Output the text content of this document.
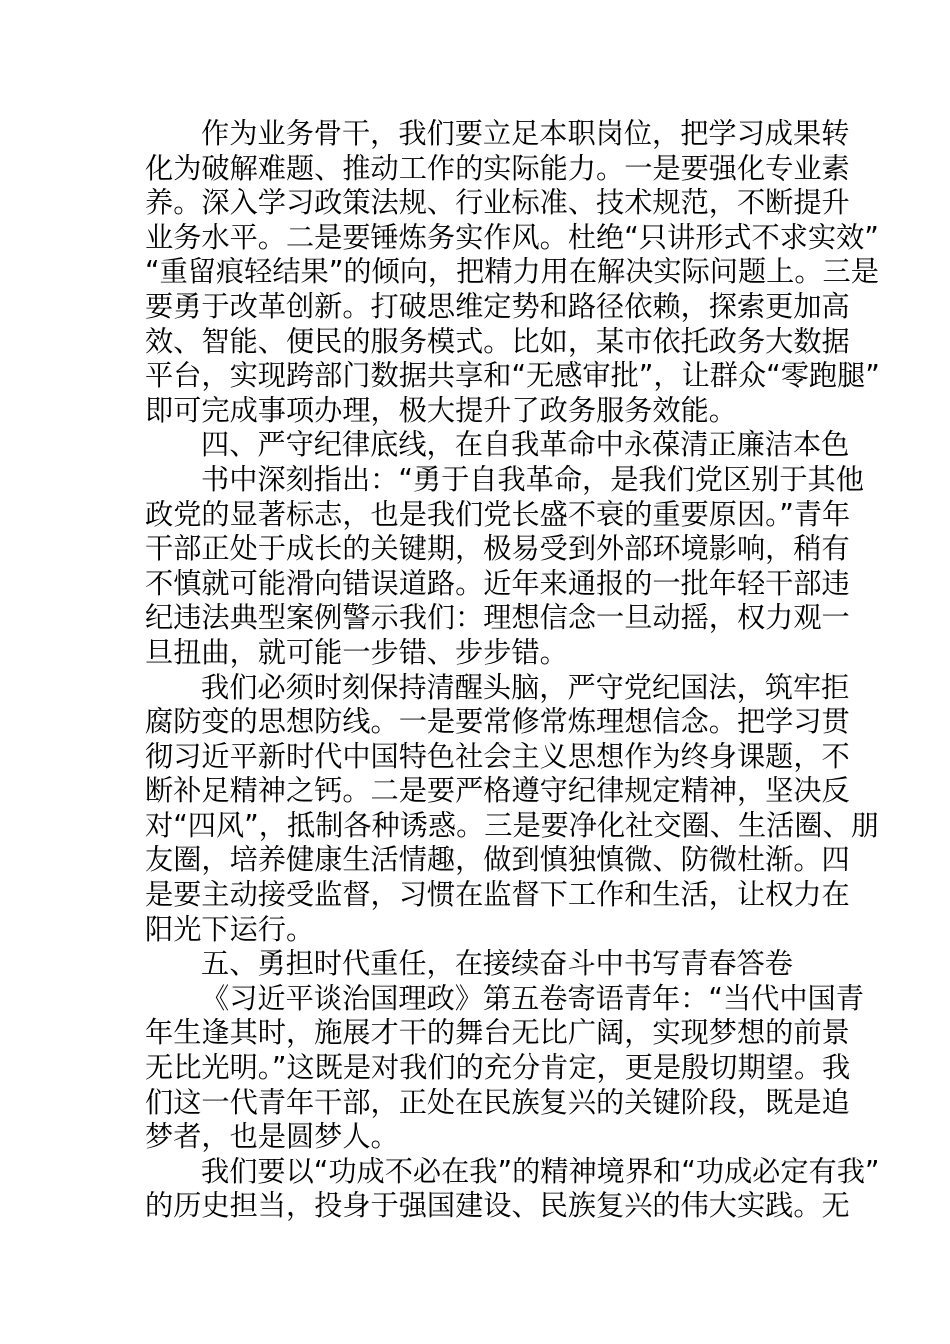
作为业务骨干，我们要立足本职岗位，把学习成果转
化为破解难题、推动工作的实际能力。一是要强化专业素
养。深入学习政策法规、行业标准、技术规范，不断提升
业务水平。二是要锤炼务实作风。杜绝“只讲形式不求实效”
“重留痕轻结果”的倾向，把精力用在解决实际问题上。三是
要勇于改革创新。打破思维定势和路径依赖，探索更加高
效、智能、便民的服务模式。比如，某市依托政务大数据
平台，实现跨部门数据共享和“无感审批”，让群众“零跑腿”
即可完成事项办理，极大提升了政务服务效能。
四、严守纪律底线，在自我革命中永葆清正廉洁本色
书中深刻指出：“勇于自我革命，是我们党区别于其他
政党的显著标志，也是我们党长盛不衰的重要原因。”青年
干部正处于成长的关键期，极易受到外部环境影响，稍有
不慎就可能滑向错误道路。近年来通报的一批年轻干部违
纪违法典型案例警示我们：理想信念一旦动摇，权力观一
旦扭曲，就可能一步错、步步错。
我们必须时刻保持清醒头脑，严守党纪国法，筑牢拒
腐防变的思想防线。一是要常修常炼理想信念。把学习贯
彻习近平新时代中国特色社会主义思想作为终身课题，不
断补足精神之钙。二是要严格遵守纪律规定精神，坚决反
对“四风”，抵制各种诱惑。三是要净化社交圈、生活圈、朋
友圈，培养健康生活情趣，做到慎独慎微、防微杜渐。四
是要主动接受监督，习惯在监督下工作和生活，让权力在
阳光下运行。
五、勇担时代重任，在接续奋斗中书写青春答卷
《习近平谈治国理政》第五卷寄语青年：“当代中国青
年生逢其时，施展才干的舞台无比广阔，实现梦想的前景
无比光明。”这既是对我们的充分肯定，更是殷切期望。我
们这一代青年干部，正处在民族复兴的关键阶段，既是追
梦者，也是圆梦人。
我们要以“功成不必在我”的精神境界和“功成必定有我”
的历史担当，投身于强国建设、民族复兴的伟大实践。无
